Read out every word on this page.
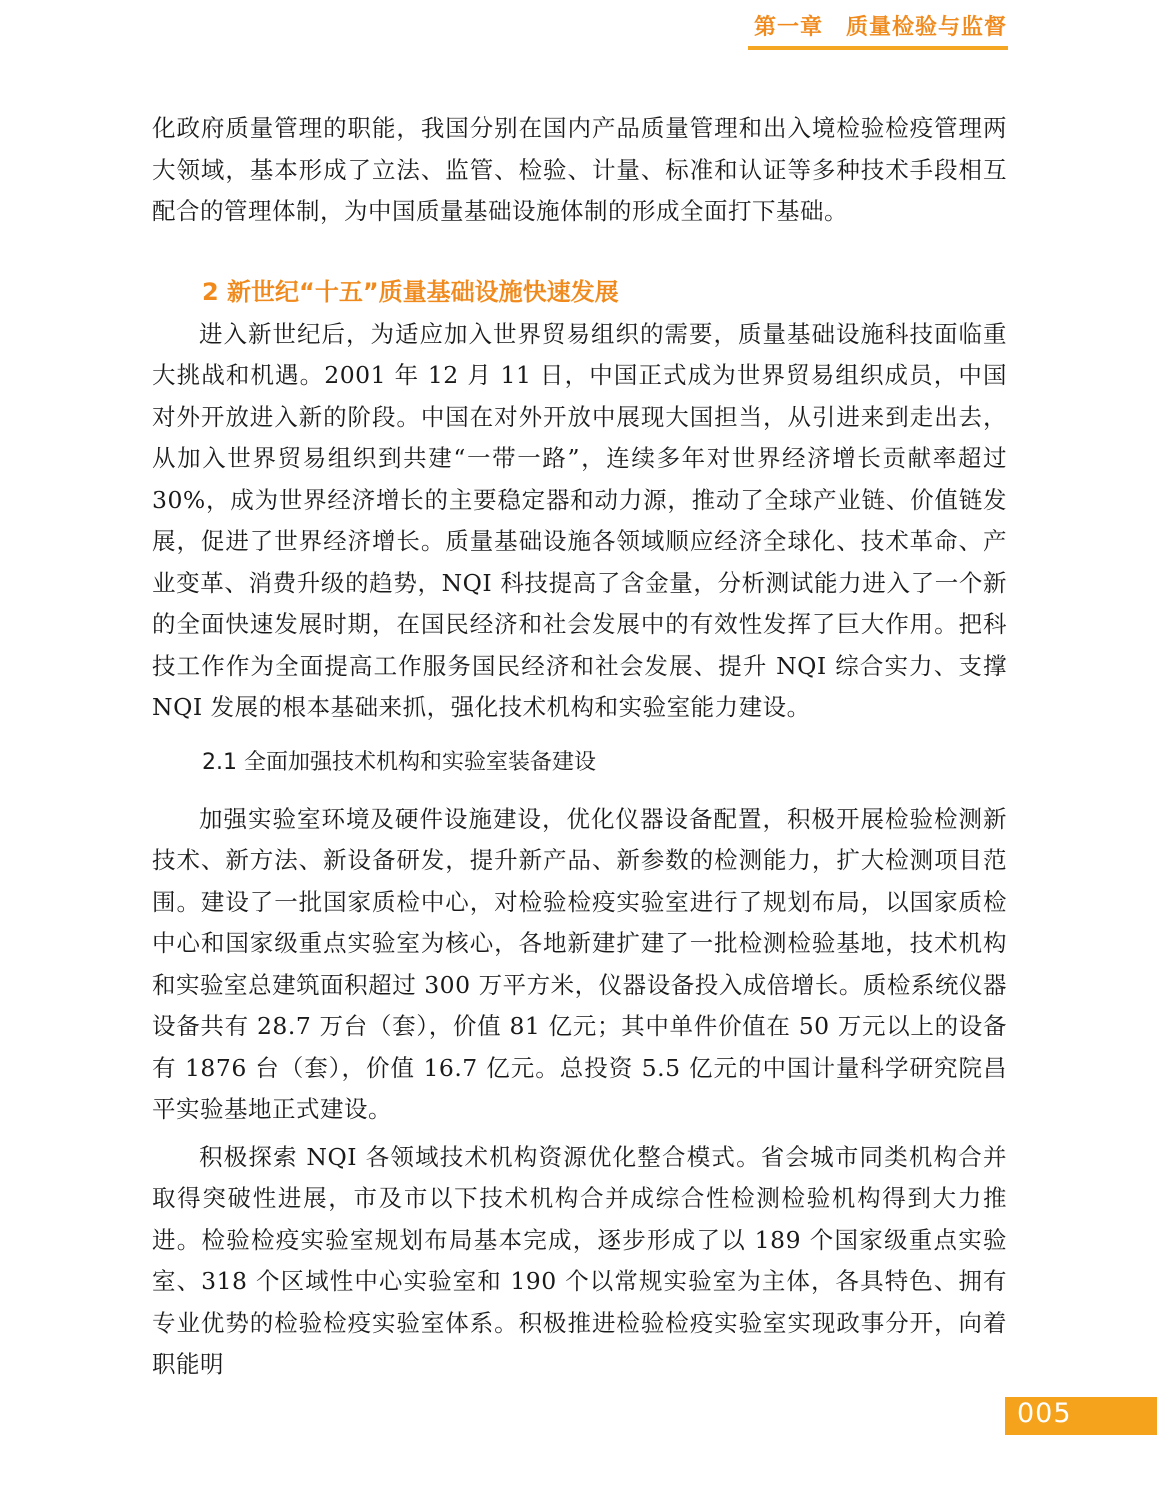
第一章　质量检验与监督

化政府质量管理的职能，我国分别在国内产品质量管理和出入境检验检疫管理两大领域，基本形成了立法、监管、检验、计量、标准和认证等多种技术手段相互配合的管理体制，为中国质量基础设施体制的形成全面打下基础。

2 新世纪“十五”质量基础设施快速发展

进入新世纪后，为适应加入世界贸易组织的需要，质量基础设施科技面临重大挑战和机遇。2001 年 12 月 11 日，中国正式成为世界贸易组织成员，中国对外开放进入新的阶段。中国在对外开放中展现大国担当，从引进来到走出去，从加入世界贸易组织到共建“一带一路”，连续多年对世界经济增长贡献率超过 30%，成为世界经济增长的主要稳定器和动力源，推动了全球产业链、价值链发展，促进了世界经济增长。质量基础设施各领域顺应经济全球化、技术革命、产业变革、消费升级的趋势，NQI 科技提高了含金量，分析测试能力进入了一个新的全面快速发展时期，在国民经济和社会发展中的有效性发挥了巨大作用。把科技工作作为全面提高工作服务国民经济和社会发展、提升 NQI 综合实力、支撑 NQI 发展的根本基础来抓，强化技术机构和实验室能力建设。

2.1 全面加强技术机构和实验室装备建设

加强实验室环境及硬件设施建设，优化仪器设备配置，积极开展检验检测新技术、新方法、新设备研发，提升新产品、新参数的检测能力，扩大检测项目范围。建设了一批国家质检中心，对检验检疫实验室进行了规划布局，以国家质检中心和国家级重点实验室为核心，各地新建扩建了一批检测检验基地，技术机构和实验室总建筑面积超过 300 万平方米，仪器设备投入成倍增长。质检系统仪器设备共有 28.7 万台（套），价值 81 亿元；其中单件价值在 50 万元以上的设备有 1876 台（套），价值 16.7 亿元。总投资 5.5 亿元的中国计量科学研究院昌平实验基地正式建设。

积极探索 NQI 各领域技术机构资源优化整合模式。省会城市同类机构合并取得突破性进展，市及市以下技术机构合并成综合性检测检验机构得到大力推进。检验检疫实验室规划布局基本完成，逐步形成了以 189 个国家级重点实验室、318 个区域性中心实验室和 190 个以常规实验室为主体，各具特色、拥有专业优势的检验检疫实验室体系。积极推进检验检疫实验室实现政事分开，向着职能明

005
